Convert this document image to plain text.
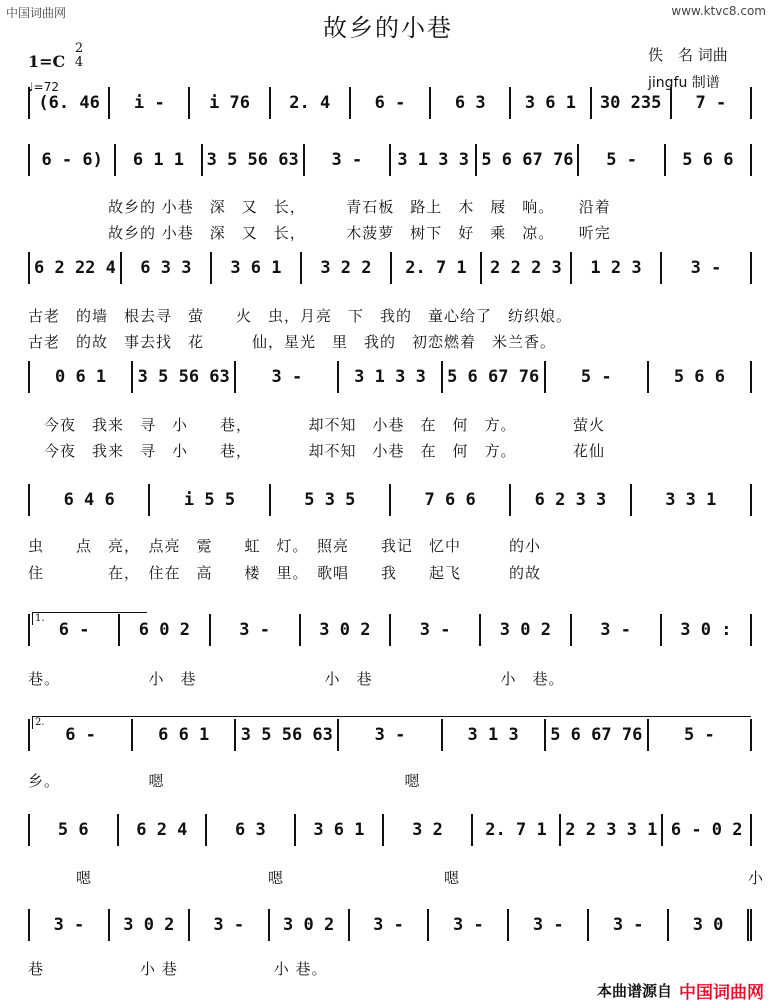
中国词曲网	www.ktvc8.com
故乡的小巷
1=C
2
4
♩=72
佚　名 词曲
jingfu 制谱
(6. 46 i -	i 76 2. 4	6 -	6 3 3 6 1 30 235 7 -
6 - 6) 6 1 1 3 5 56 63 3 - 3 1 3 3 5 6 67 76 5 -	5 6 6
6 2 22 4 6 3 3 3 6 1 3 2 2 2. 7 1 2 2 2 3 1 2 3	3 -
0 6 1 3 5 56 63 3 -	3 1 3 3 5 6 67 76 5 -	5 6 6
6 4 6	i 5 5	5 3 5	7 6 6	6 2 3 3	3 3 1
6 -	6 0 2	3 -	3 0 2	3 -	3 0 2	3 -	3 0 :
6 -	6 6 1 3 5 56 63 3 -	3 1 3 5 6 67 76 5 -
5 6	6 2 4	6 3	3 6 1	3 2 2. 7 1 2 2 3 3 1 6 - 0 2
3 - 3 0 2 3 - 3 0 2 3 -	3 -	3 -	3 -	3 0
　　　　　故乡的 小巷　深　又　长，　　　青石板　路上　木　屐　响。　　沿着
　　　　　故乡的 小巷　深　又　长，　　　木菠萝　树下　好　乘　凉。　　听完
古老　的墙　根去寻　萤　　火　虫，月亮　下　我的　童心给了　纺织娘。
古老　的故　事去找　花　　　仙，星光　里　我的　初恋燃着　米兰香。
　今夜　我来　寻　小　　巷，　　　　却不知　小巷　在　何　方。　　　　萤火
　今夜　我来　寻　小　　巷，　　　　却不知　小巷　在　何　方。　　　　花仙
虫　　点　亮，　点亮　霓　　虹　灯。　照亮　　我记　忆中　　　的小
住　　　　在，　住在　高　　楼　里。　歌唱　　我　　起飞　　　的故
巷。　　　　　　小　巷　　　　　　　　小　巷　　　　　　　　小　巷。
乡。　　　　　　嗯　　　　　　　　　　　　　　　嗯
　　　嗯　　　　　　　　　　　嗯　　　　　　　　　　嗯　　　　　　　　　　　　　　　　　　小
巷　　　　　　小 巷　　　　　　小 巷。
1.
2.
本曲谱源自 中国词曲网
